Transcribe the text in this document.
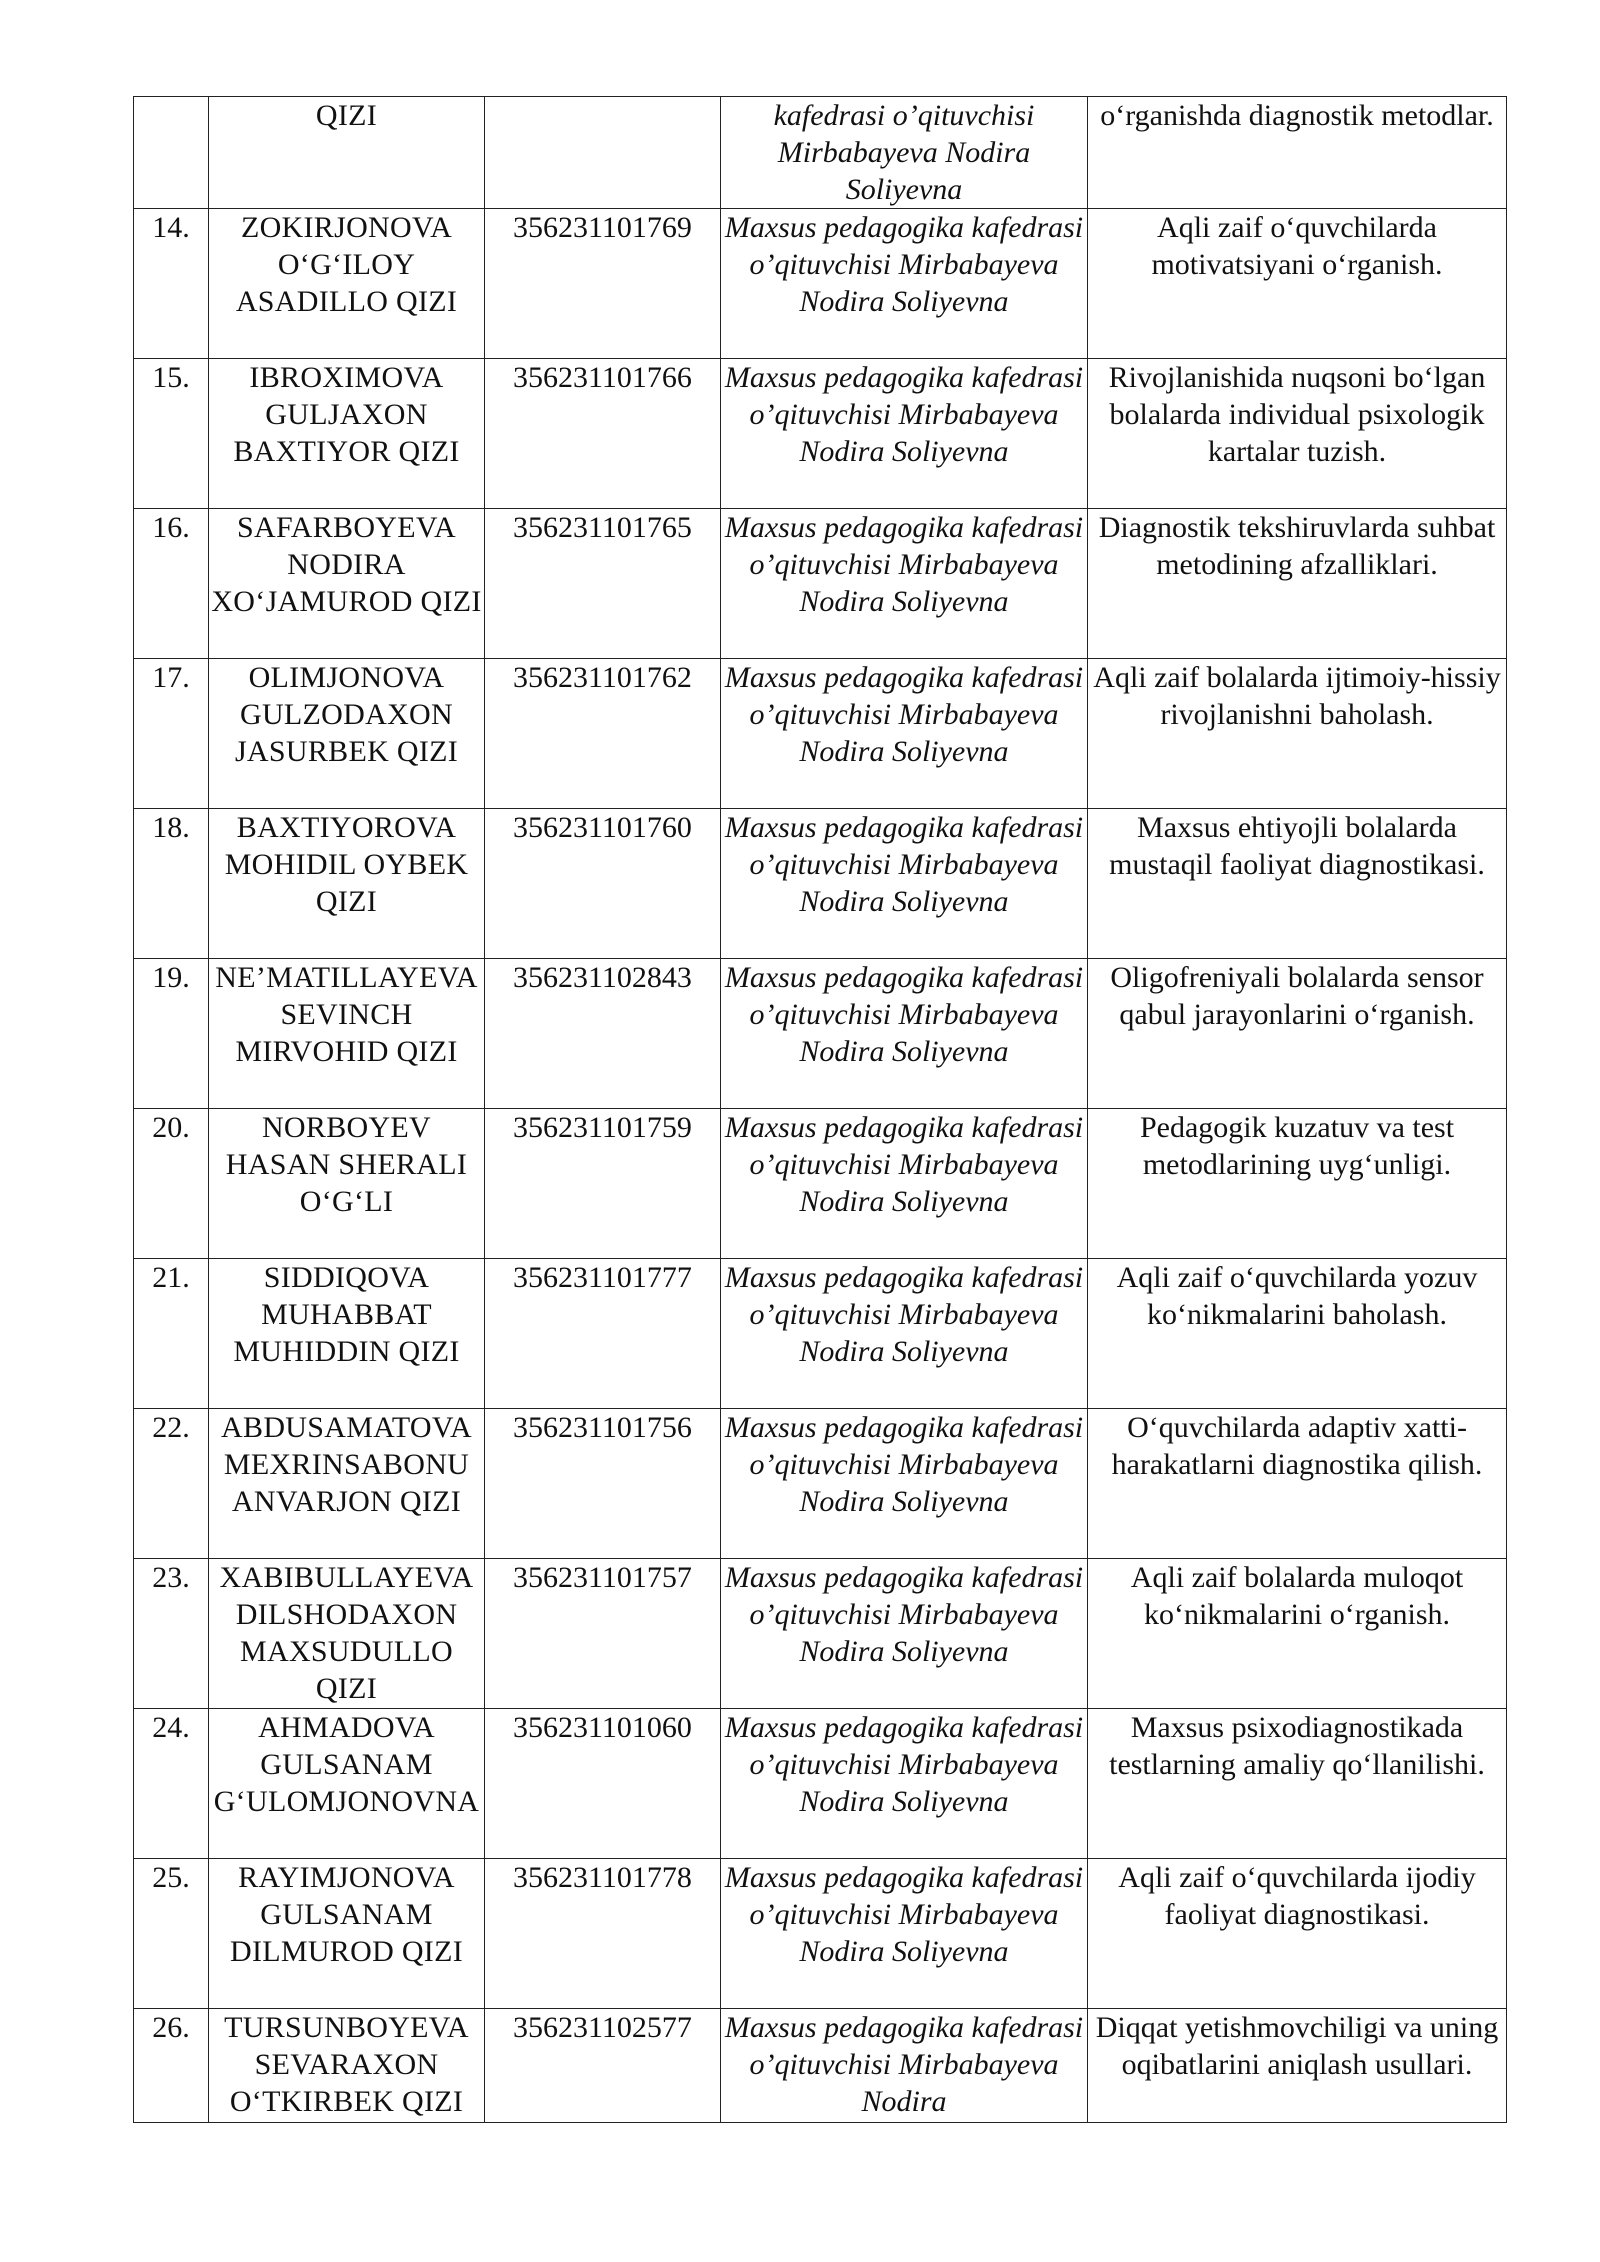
	QIZI		kafedrasi o’qituvchisi Mirbabayeva Nodira Soliyevna	o‘rganishda diagnostik metodlar.
14.	ZOKIRJONOVA O‘G‘ILOY ASADILLO QIZI	356231101769	Maxsus pedagogika kafedrasi o’qituvchisi Mirbabayeva Nodira Soliyevna	Aqli zaif o‘quvchilarda motivatsiyani o‘rganish.
15.	IBROXIMOVA GULJAXON BAXTIYOR QIZI	356231101766	Maxsus pedagogika kafedrasi o’qituvchisi Mirbabayeva Nodira Soliyevna	Rivojlanishida nuqsoni bo‘lgan bolalarda individual psixologik kartalar tuzish.
16.	SAFARBOYEVA NODIRA XO‘JAMUROD QIZI	356231101765	Maxsus pedagogika kafedrasi o’qituvchisi Mirbabayeva Nodira Soliyevna	Diagnostik tekshiruvlarda suhbat metodining afzalliklari.
17.	OLIMJONOVA GULZODAXON JASURBEK QIZI	356231101762	Maxsus pedagogika kafedrasi o’qituvchisi Mirbabayeva Nodira Soliyevna	Aqli zaif bolalarda ijtimoiy-hissiy rivojlanishni baholash.
18.	BAXTIYOROVA MOHIDIL OYBEK QIZI	356231101760	Maxsus pedagogika kafedrasi o’qituvchisi Mirbabayeva Nodira Soliyevna	Maxsus ehtiyojli bolalarda mustaqil faoliyat diagnostikasi.
19.	NE’MATILLAYEVA SEVINCH MIRVOHID QIZI	356231102843	Maxsus pedagogika kafedrasi o’qituvchisi Mirbabayeva Nodira Soliyevna	Oligofreniyali bolalarda sensor qabul jarayonlarini o‘rganish.
20.	NORBOYEV HASAN SHERALI O‘G‘LI	356231101759	Maxsus pedagogika kafedrasi o’qituvchisi Mirbabayeva Nodira Soliyevna	Pedagogik kuzatuv va test metodlarining uyg‘unligi.
21.	SIDDIQOVA MUHABBAT MUHIDDIN QIZI	356231101777	Maxsus pedagogika kafedrasi o’qituvchisi Mirbabayeva Nodira Soliyevna	Aqli zaif o‘quvchilarda yozuv ko‘nikmalarini baholash.
22.	ABDUSAMATOVA MEXRINSABONU ANVARJON QIZI	356231101756	Maxsus pedagogika kafedrasi o’qituvchisi Mirbabayeva Nodira Soliyevna	O‘quvchilarda adaptiv xatti-harakatlarni diagnostika qilish.
23.	XABIBULLAYEVA DILSHODAXON MAXSUDULLO QIZI	356231101757	Maxsus pedagogika kafedrasi o’qituvchisi Mirbabayeva Nodira Soliyevna	Aqli zaif bolalarda muloqot ko‘nikmalarini o‘rganish.
24.	AHMADOVA GULSANAM G‘ULOMJONOVNA	356231101060	Maxsus pedagogika kafedrasi o’qituvchisi Mirbabayeva Nodira Soliyevna	Maxsus psixodiagnostikada testlarning amaliy qo‘llanilishi.
25.	RAYIMJONOVA GULSANAM DILMUROD QIZI	356231101778	Maxsus pedagogika kafedrasi o’qituvchisi Mirbabayeva Nodira Soliyevna	Aqli zaif o‘quvchilarda ijodiy faoliyat diagnostikasi.
26.	TURSUNBOYEVA SEVARAXON O‘TKIRBEK QIZI	356231102577	Maxsus pedagogika kafedrasi o’qituvchisi Mirbabayeva Nodira	Diqqat yetishmovchiligi va uning oqibatlarini aniqlash usullari.
